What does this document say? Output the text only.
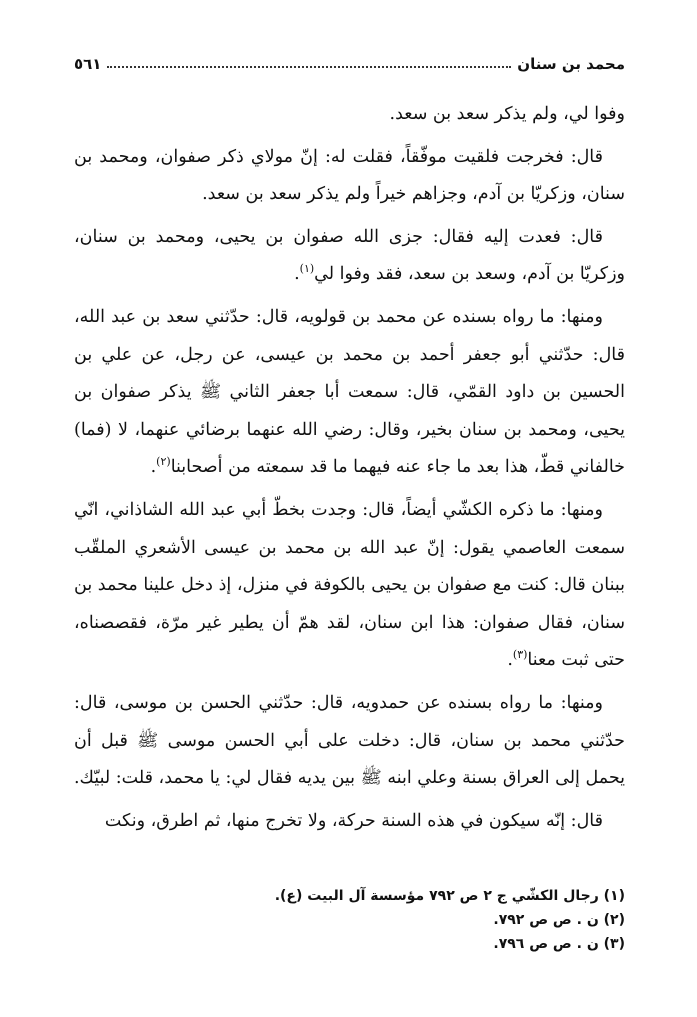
محمد بن سنان
٥٦١

وفوا لي، ولم يذكر سعد بن سعد.

قال: فخرجت فلقيت موفّقاً، فقلت له: إنّ مولاي ذكر صفوان، ومحمد بن سنان، وزكريّا بن آدم، وجزاهم خيراً ولم يذكر سعد بن سعد.

قال: فعدت إليه فقال: جزى الله صفوان بن يحيى، ومحمد بن سنان، وزكريّا بن آدم، وسعد بن سعد، فقد وفوا لي$^{(١)}$.

ومنها: ما رواه بسنده عن محمد بن قولويه، قال: حدّثني سعد بن عبد الله، قال: حدّثني أبو جعفر أحمد بن محمد بن عيسى، عن رجل، عن علي بن الحسين بن داود القمّي، قال: سمعت أبا جعفر الثاني ﷺ يذكر صفوان بن يحيى، ومحمد بن سنان بخير، وقال: رضي الله عنهما برضائي عنهما، لا (فما) خالفاني قطّ، هذا بعد ما جاء عنه فيهما ما قد سمعته من أصحابنا$^{(٢)}$.

ومنها: ما ذكره الكشّي أيضاً، قال: وجدت بخطّ أبي عبد الله الشاذاني، انّي سمعت العاصمي يقول: إنّ عبد الله بن محمد بن عيسى الأشعري الملقّب ببنان قال: كنت مع صفوان بن يحيى بالكوفة في منزل، إذ دخل علينا محمد بن سنان، فقال صفوان: هذا ابن سنان، لقد همّ أن يطير غير مرّة، فقصصناه، حتى ثبت معنا$^{(٣)}$.

ومنها: ما رواه بسنده عن حمدويه، قال: حدّثني الحسن بن موسى، قال: حدّثني محمد بن سنان، قال: دخلت على أبي الحسن موسى ﷺ قبل أن يحمل إلى العراق بسنة وعلي ابنه ﷺ بين يديه فقال لي: يا محمد، قلت: لبيّك.

قال: إنّه سيكون في هذه السنة حركة، ولا تخرج منها، ثم اطرق، ونكت

(١) رجال الكشّي ج ٢ ص ٧٩٢ مؤسسة آل البيت (ع).
(٢) ن . ص ص ٧٩٢.
(٣) ن . ص ص ٧٩٦.
